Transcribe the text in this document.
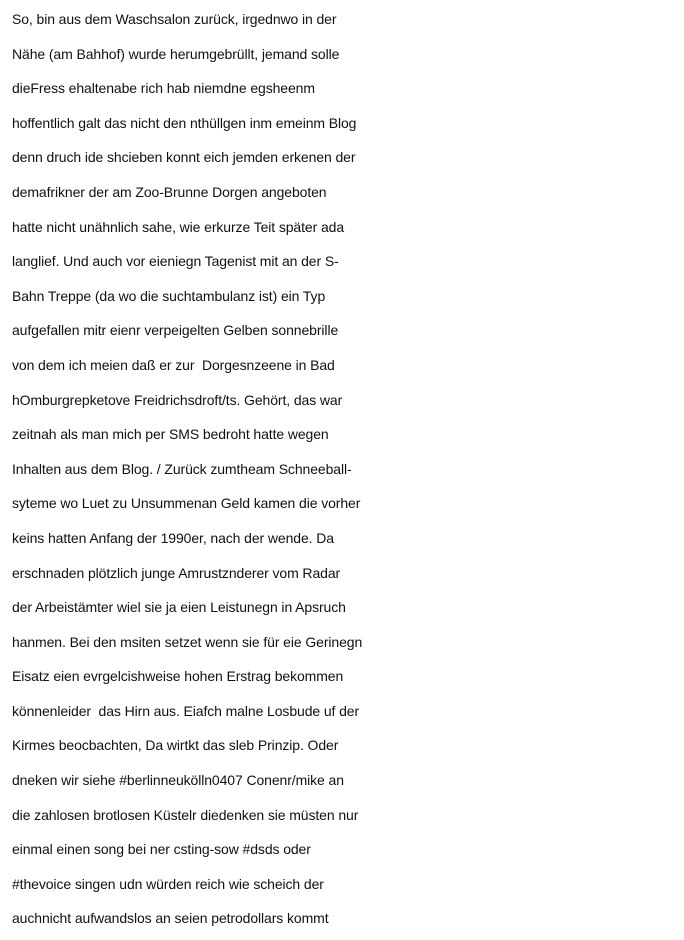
So, bin aus dem Waschsalon zurück, irgednwo in der
Nähe (am Bahhof) wurde herumgebrüllt, jemand solle
dieFress ehaltenabe rich hab niemdne egsheenm
hoffentlich galt das nicht den nthüllgen inm emeinm Blog
denn druch ide shcieben konnt eich jemden erkenen der
demafrikner der am Zoo-Brunne Dorgen angeboten
hatte nicht unähnlich sahe, wie erkurze Teit später ada
langlief. Und auch vor eieniegn Tagenist mit an der S-
Bahn Treppe (da wo die suchtambulanz ist) ein Typ
aufgefallen mitr eienr verpeigelten Gelben sonnebrille
von dem ich meien daß er zur  Dorgesnzeene in Bad
hOmburgrepketove Freidrichsdroft/ts. Gehört, das war
zeitnah als man mich per SMS bedroht hatte wegen
Inhalten aus dem Blog. / Zurück zumtheam Schneeball-
syteme wo Luet zu Unsummenan Geld kamen die vorher
keins hatten Anfang der 1990er, nach der wende. Da
erschnaden plötzlich junge Amrustznderer vom Radar
der Arbeistämter wiel sie ja eien Leistunegn in Apsruch
hanmen. Bei den msiten setzet wenn sie für eie Gerinegn
Eisatz eien evrgelcishweise hohen Erstrag bekommen
könnenleider  das Hirn aus. Eiafch malne Losbude uf der
Kirmes beocbachten, Da wirtkt das sleb Prinzip. Oder
dneken wir siehe #berlinneukölln0407 Conenr/mike an
die zahlosen brotlosen Küstelr diedenken sie müsten nur
einmal einen song bei ner csting-sow #dsds oder
#thevoice singen udn würden reich wie scheich der
auchnicht aufwandslos an seien petrodollars kommt
